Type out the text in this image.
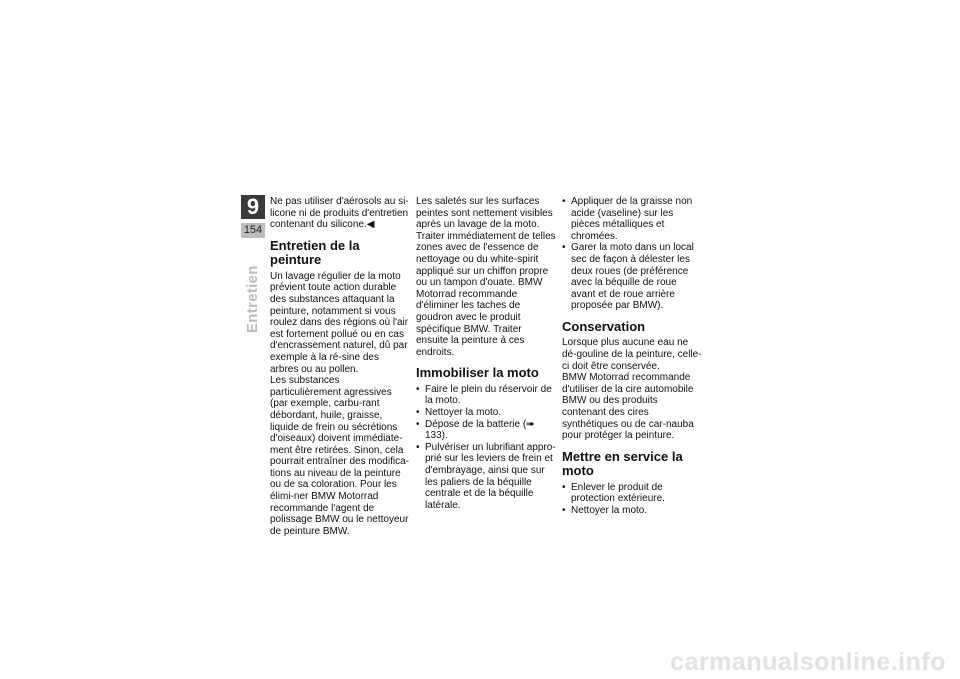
9
154
Entretien

Ne pas utiliser d'aérosols au si-licone ni de produits d'entretien contenant du silicone.◀

Entretien de la peinture

Un lavage régulier de la moto prévient toute action durable des substances attaquant la peinture, notamment si vous roulez dans des régions où l'air est fortement pollué ou en cas d'encrassement naturel, dû par exemple à la ré-sine des arbres ou au pollen.

Les substances particulièrement agressives (par exemple, carbu-rant débordant, huile, graisse, liquide de frein ou sécrétions d'oiseaux) doivent immédiate-ment être retirées. Sinon, cela pourrait entraîner des modifica-tions au niveau de la peinture ou de sa coloration. Pour les élimi-ner BMW Motorrad recommande l'agent de polissage BMW ou le nettoyeur de peinture BMW.

Les saletés sur les surfaces peintes sont nettement visibles après un lavage de la moto. Traiter immédiatement de telles zones avec de l'essence de nettoyage ou du white-spirit appliqué sur un chiffon propre ou un tampon d'ouate. BMW Motorrad recommande d'éliminer les taches de goudron avec le produit spécifique BMW. Traiter ensuite la peinture à ces endroits.

Immobiliser la moto
• Faire le plein du réservoir de la moto.
• Nettoyer la moto.
• Dépose de la batterie (➠ 133).
• Pulvériser un lubrifiant appro-prié sur les leviers de frein et d'embrayage, ainsi que sur les paliers de la béquille centrale et de la béquille latérale.
• Appliquer de la graisse non acide (vaseline) sur les pièces métalliques et chromées.
• Garer la moto dans un local sec de façon à délester les deux roues (de préférence avec la béquille de roue avant et de roue arrière proposée par BMW).
Conservation

Lorsque plus aucune eau ne dé-gouline de la peinture, celle-ci doit être conservée.

BMW Motorrad recommande d'utiliser de la cire automobile BMW ou des produits contenant des cires synthétiques ou de car-nauba pour protéger la peinture.

Mettre en service la moto
• Enlever le produit de protection extérieure.
• Nettoyer la moto.
carmanualsonline.info
